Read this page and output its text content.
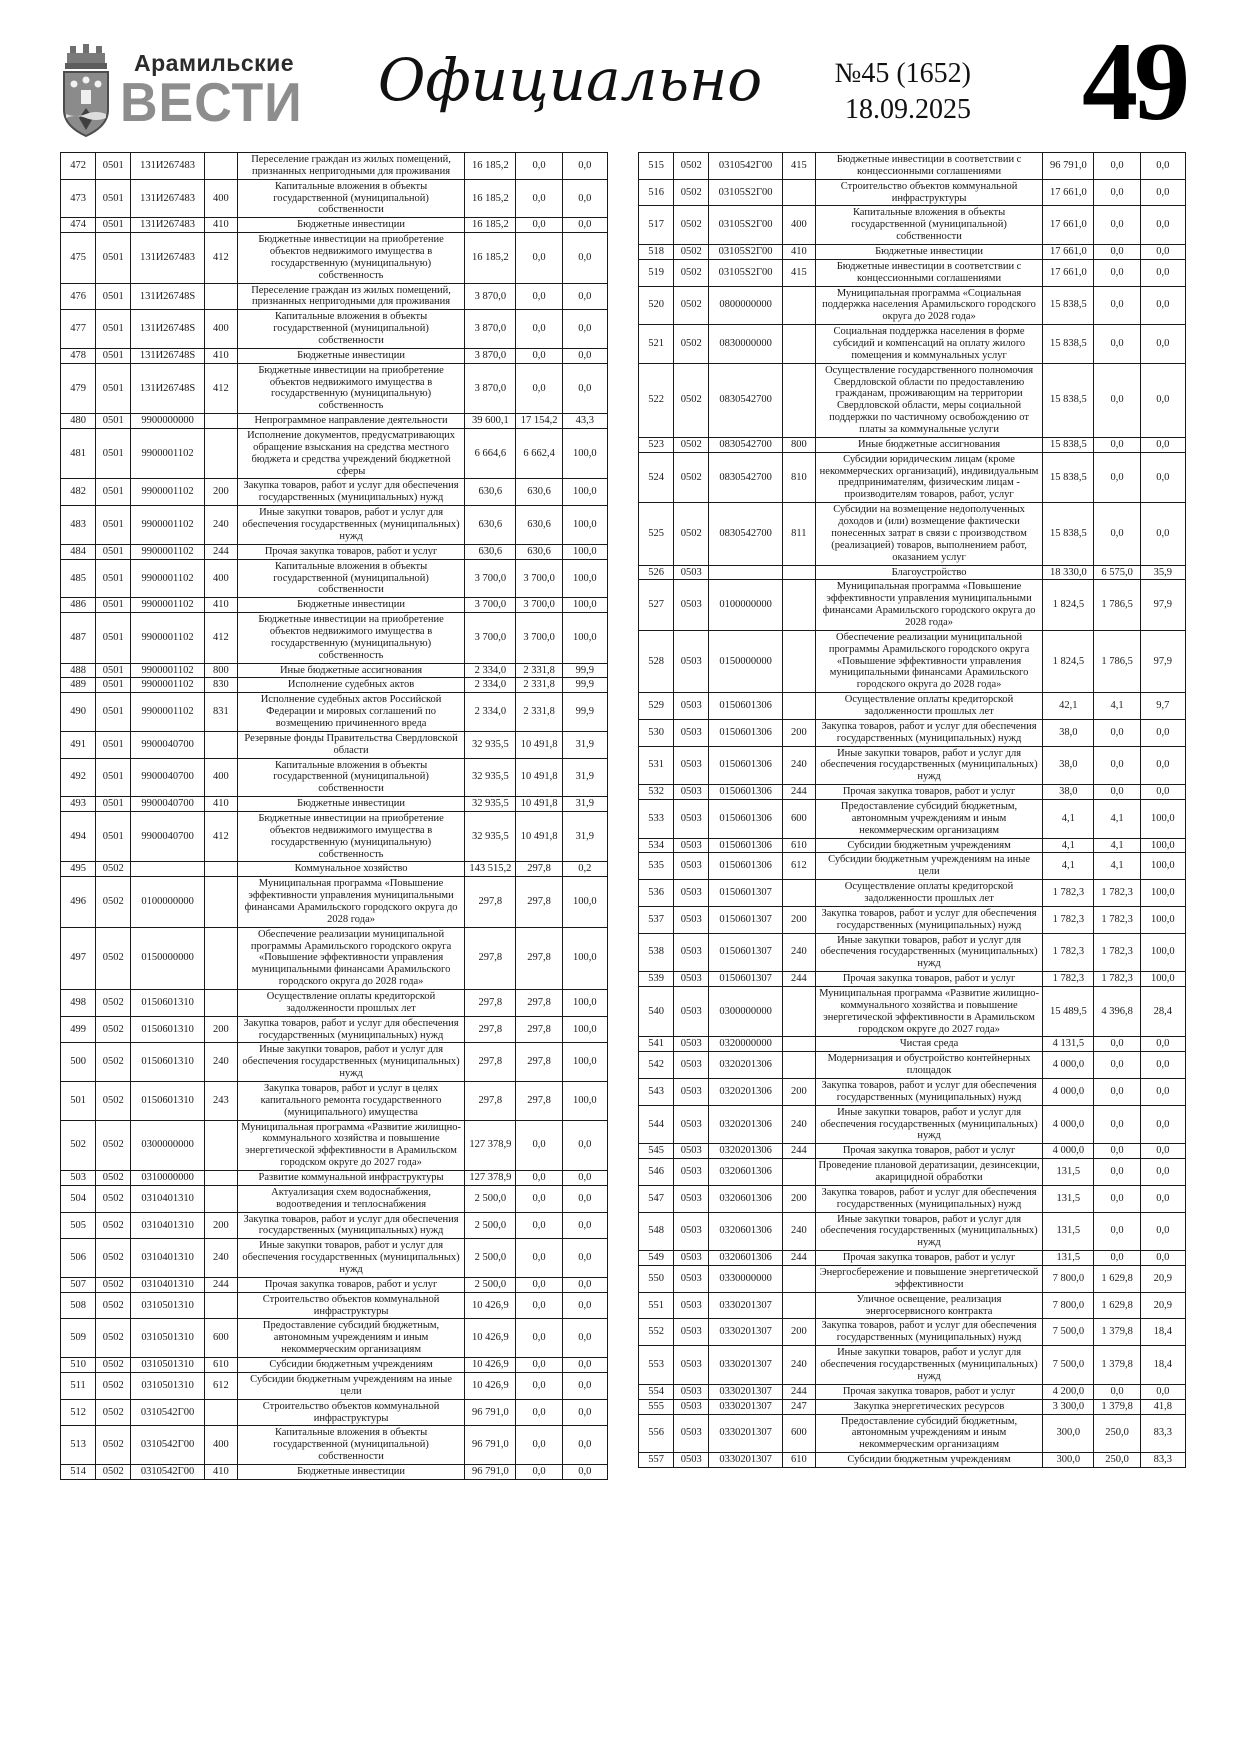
Арамильские
ВЕСТИ	Официально	№45 (1652)
18.09.2025 49
472	0501	131И267483		Переселение граждан из жилых помещений, признанных непригодными для проживания	16 185,2	0,0	0,0
473	0501	131И267483	400	Капитальные вложения в объекты государственной (муниципальной) собственности	16 185,2	0,0	0,0
474	0501	131И267483	410	Бюджетные инвестиции	16 185,2	0,0	0,0
475	0501	131И267483	412	Бюджетные инвестиции на приобретение объектов недвижимого имущества в государственную (муниципальную) собственность	16 185,2	0,0	0,0
476	0501	131И26748S		Переселение граждан из жилых помещений, признанных непригодными для проживания	3 870,0	0,0	0,0
477	0501	131И26748S	400	Капитальные вложения в объекты государственной (муниципальной) собственности	3 870,0	0,0	0,0
478	0501	131И26748S	410	Бюджетные инвестиции	3 870,0	0,0	0,0
479	0501	131И26748S	412	Бюджетные инвестиции на приобретение объектов недвижимого имущества в государственную (муниципальную) собственность	3 870,0	0,0	0,0
480	0501	9900000000		Непрограммное направление деятельности	39 600,1	17 154,2	43,3
481	0501	9900001102		Исполнение документов, предусматривающих обращение взыскания на средства местного бюджета и средства учреждений бюджетной сферы	6 664,6	6 662,4	100,0
482	0501	9900001102	200	Закупка товаров, работ и услуг для обеспечения государственных (муниципальных) нужд	630,6	630,6	100,0
483	0501	9900001102	240	Иные закупки товаров, работ и услуг для обеспечения государственных (муниципальных) нужд	630,6	630,6	100,0
484	0501	9900001102	244	Прочая закупка товаров, работ и услуг	630,6	630,6	100,0
485	0501	9900001102	400	Капитальные вложения в объекты государственной (муниципальной) собственности	3 700,0	3 700,0	100,0
486	0501	9900001102	410	Бюджетные инвестиции	3 700,0	3 700,0	100,0
487	0501	9900001102	412	Бюджетные инвестиции на приобретение объектов недвижимого имущества в государственную (муниципальную) собственность	3 700,0	3 700,0	100,0
488	0501	9900001102	800	Иные бюджетные ассигнования	2 334,0	2 331,8	99,9
489	0501	9900001102	830	Исполнение судебных актов	2 334,0	2 331,8	99,9
490	0501	9900001102	831	Исполнение судебных актов Российской Федерации и мировых соглашений по возмещению причиненного вреда	2 334,0	2 331,8	99,9
491	0501	9900040700		Резервные фонды Правительства Свердловской области	32 935,5	10 491,8	31,9
492	0501	9900040700	400	Капитальные вложения в объекты государственной (муниципальной) собственности	32 935,5	10 491,8	31,9
493	0501	9900040700	410	Бюджетные инвестиции	32 935,5	10 491,8	31,9
494	0501	9900040700	412	Бюджетные инвестиции на приобретение объектов недвижимого имущества в государственную (муниципальную) собственность	32 935,5	10 491,8	31,9
495	0502			Коммунальное хозяйство	143 515,2	297,8	0,2
496	0502	0100000000		Муниципальная программа «Повышение эффективности управления муниципальными финансами Арамильского городского округа до 2028 года»	297,8	297,8	100,0
497	0502	0150000000		Обеспечение реализации муниципальной программы Арамильского городского округа «Повышение эффективности управления муниципальными финансами Арамильского городского округа до 2028 года»	297,8	297,8	100,0
498	0502	0150601310		Осуществление оплаты кредиторской задолженности прошлых лет	297,8	297,8	100,0
499	0502	0150601310	200	Закупка товаров, работ и услуг для обеспечения государственных (муниципальных) нужд	297,8	297,8	100,0
500	0502	0150601310	240	Иные закупки товаров, работ и услуг для обеспечения государственных (муниципальных) нужд	297,8	297,8	100,0
501	0502	0150601310	243	Закупка товаров, работ и услуг в целях капитального ремонта государственного (муниципального) имущества	297,8	297,8	100,0
502	0502	0300000000		Муниципальная программа «Развитие жилищно-коммунального хозяйства и повышение энергетической эффективности в Арамильском городском округе до 2027 года»	127 378,9	0,0	0,0
503	0502	0310000000		Развитие коммунальной инфраструктуры	127 378,9	0,0	0,0
504	0502	0310401310		Актуализация схем водоснабжения, водоотведения и теплоснабжения	2 500,0	0,0	0,0
505	0502	0310401310	200	Закупка товаров, работ и услуг для обеспечения государственных (муниципальных) нужд	2 500,0	0,0	0,0
506	0502	0310401310	240	Иные закупки товаров, работ и услуг для обеспечения государственных (муниципальных) нужд	2 500,0	0,0	0,0
507	0502	0310401310	244	Прочая закупка товаров, работ и услуг	2 500,0	0,0	0,0
508	0502	0310501310		Строительство объектов коммунальной инфраструктуры	10 426,9	0,0	0,0
509	0502	0310501310	600	Предоставление субсидий бюджетным, автономным учреждениям и иным некоммерческим организациям	10 426,9	0,0	0,0
510	0502	0310501310	610	Субсидии бюджетным учреждениям	10 426,9	0,0	0,0
511	0502	0310501310	612	Субсидии бюджетным учреждениям на иные цели	10 426,9	0,0	0,0
512	0502	0310542Г00		Строительство объектов коммунальной инфраструктуры	96 791,0	0,0	0,0
513	0502	0310542Г00	400	Капитальные вложения в объекты государственной (муниципальной) собственности	96 791,0	0,0	0,0
514	0502	0310542Г00	410	Бюджетные инвестиции	96 791,0	0,0	0,0
515	0502	0310542Г00	415	Бюджетные инвестиции в соответствии с концессионными соглашениями	96 791,0	0,0	0,0
516	0502	03105S2Г00		Строительство объектов коммунальной инфраструктуры	17 661,0	0,0	0,0
517	0502	03105S2Г00	400	Капитальные вложения в объекты государственной (муниципальной) собственности	17 661,0	0,0	0,0
518	0502	03105S2Г00	410	Бюджетные инвестиции	17 661,0	0,0	0,0
519	0502	03105S2Г00	415	Бюджетные инвестиции в соответствии с концессионными соглашениями	17 661,0	0,0	0,0
520	0502	0800000000		Муниципальная программа «Социальная поддержка населения Арамильского городского округа до 2028 года»	15 838,5	0,0	0,0
521	0502	0830000000		Социальная поддержка населения в форме субсидий и компенсаций на оплату жилого помещения и коммунальных услуг	15 838,5	0,0	0,0
522	0502	0830542700		Осуществление государственного полномочия Свердловской области по предоставлению гражданам, проживающим на территории Свердловской области, меры социальной поддержки по частичному освобождению от платы за коммунальные услуги	15 838,5	0,0	0,0
523	0502	0830542700	800	Иные бюджетные ассигнования	15 838,5	0,0	0,0
524	0502	0830542700	810	Субсидии юридическим лицам (кроме некоммерческих организаций), индивидуальным предпринимателям, физическим лицам - производителям товаров, работ, услуг	15 838,5	0,0	0,0
525	0502	0830542700	811	Субсидии на возмещение недополученных доходов и (или) возмещение фактически понесенных затрат в связи с производством (реализацией) товаров, выполнением работ, оказанием услуг	15 838,5	0,0	0,0
526	0503			Благоустройство	18 330,0	6 575,0	35,9
527	0503	0100000000		Муниципальная программа «Повышение эффективности управления муниципальными финансами Арамильского городского округа до 2028 года»	1 824,5	1 786,5	97,9
528	0503	0150000000		Обеспечение реализации муниципальной программы Арамильского городского округа «Повышение эффективности управления муниципальными финансами Арамильского городского округа до 2028 года»	1 824,5	1 786,5	97,9
529	0503	0150601306		Осуществление оплаты кредиторской задолженности прошлых лет	42,1	4,1	9,7
530	0503	0150601306	200	Закупка товаров, работ и услуг для обеспечения государственных (муниципальных) нужд	38,0	0,0	0,0
531	0503	0150601306	240	Иные закупки товаров, работ и услуг для обеспечения государственных (муниципальных) нужд	38,0	0,0	0,0
532	0503	0150601306	244	Прочая закупка товаров, работ и услуг	38,0	0,0	0,0
533	0503	0150601306	600	Предоставление субсидий бюджетным, автономным учреждениям и иным некоммерческим организациям	4,1	4,1	100,0
534	0503	0150601306	610	Субсидии бюджетным учреждениям	4,1	4,1	100,0
535	0503	0150601306	612	Субсидии бюджетным учреждениям на иные цели	4,1	4,1	100,0
536	0503	0150601307		Осуществление оплаты кредиторской задолженности прошлых лет	1 782,3	1 782,3	100,0
537	0503	0150601307	200	Закупка товаров, работ и услуг для обеспечения государственных (муниципальных) нужд	1 782,3	1 782,3	100,0
538	0503	0150601307	240	Иные закупки товаров, работ и услуг для обеспечения государственных (муниципальных) нужд	1 782,3	1 782,3	100,0
539	0503	0150601307	244	Прочая закупка товаров, работ и услуг	1 782,3	1 782,3	100,0
540	0503	0300000000		Муниципальная программа «Развитие жилищно-коммунального хозяйства и повышение энергетической эффективности в Арамильском городском округе до 2027 года»	15 489,5	4 396,8	28,4
541	0503	0320000000		Чистая среда	4 131,5	0,0	0,0
542	0503	0320201306		Модернизация и обустройство контейнерных площадок	4 000,0	0,0	0,0
543	0503	0320201306	200	Закупка товаров, работ и услуг для обеспечения государственных (муниципальных) нужд	4 000,0	0,0	0,0
544	0503	0320201306	240	Иные закупки товаров, работ и услуг для обеспечения государственных (муниципальных) нужд	4 000,0	0,0	0,0
545	0503	0320201306	244	Прочая закупка товаров, работ и услуг	4 000,0	0,0	0,0
546	0503	0320601306		Проведение плановой дератизации, дезинсекции, акарицидной обработки	131,5	0,0	0,0
547	0503	0320601306	200	Закупка товаров, работ и услуг для обеспечения государственных (муниципальных) нужд	131,5	0,0	0,0
548	0503	0320601306	240	Иные закупки товаров, работ и услуг для обеспечения государственных (муниципальных) нужд	131,5	0,0	0,0
549	0503	0320601306	244	Прочая закупка товаров, работ и услуг	131,5	0,0	0,0
550	0503	0330000000		Энергосбережение и повышение энергетической эффективности	7 800,0	1 629,8	20,9
551	0503	0330201307		Уличное освещение, реализация энергосервисного контракта	7 800,0	1 629,8	20,9
552	0503	0330201307	200	Закупка товаров, работ и услуг для обеспечения государственных (муниципальных) нужд	7 500,0	1 379,8	18,4
553	0503	0330201307	240	Иные закупки товаров, работ и услуг для обеспечения государственных (муниципальных) нужд	7 500,0	1 379,8	18,4
554	0503	0330201307	244	Прочая закупка товаров, работ и услуг	4 200,0	0,0	0,0
555	0503	0330201307	247	Закупка энергетических ресурсов	3 300,0	1 379,8	41,8
556	0503	0330201307	600	Предоставление субсидий бюджетным, автономным учреждениям и иным некоммерческим организациям	300,0	250,0	83,3
557	0503	0330201307	610	Субсидии бюджетным учреждениям	300,0	250,0	83,3
